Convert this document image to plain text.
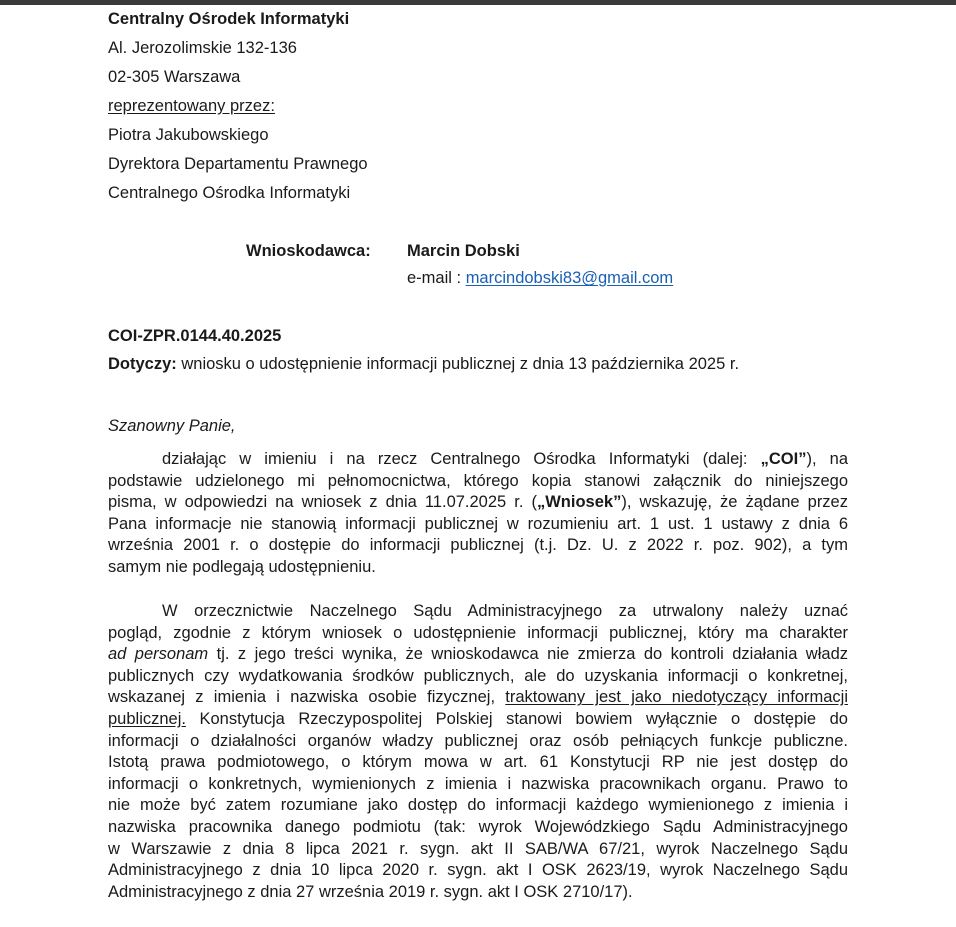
Centralny Ośrodek Informatyki
Al. Jerozolimskie 132-136
02-305 Warszawa
reprezentowany przez:
Piotra Jakubowskiego
Dyrektora Departamentu Prawnego
Centralnego Ośrodka Informatyki
Wnioskodawca: Marcin Dobski
e-mail : marcindobski83@gmail.com
COI-ZPR.0144.40.2025
Dotyczy: wniosku o udostępnienie informacji publicznej z dnia 13 października 2025 r.
Szanowny Panie,
działając w imieniu i na rzecz Centralnego Ośrodka Informatyki (dalej: „COI”), na
podstawie udzielonego mi pełnomocnictwa, którego kopia stanowi załącznik do niniejszego
pisma, w odpowiedzi na wniosek z dnia 11.07.2025 r. („Wniosek”), wskazuję, że żądane przez
Pana informacje nie stanowią informacji publicznej w rozumieniu art. 1 ust. 1 ustawy z dnia 6
września 2001 r. o dostępie do informacji publicznej (t.j. Dz. U. z 2022 r. poz. 902), a tym
samym nie podlegają udostępnieniu.
W orzecznictwie Naczelnego Sądu Administracyjnego za utrwalony należy uznać
pogląd, zgodnie z którym wniosek o udostępnienie informacji publicznej, który ma charakter
ad personam tj. z jego treści wynika, że wnioskodawca nie zmierza do kontroli działania władz
publicznych czy wydatkowania środków publicznych, ale do uzyskania informacji o konkretnej,
wskazanej z imienia i nazwiska osobie fizycznej, traktowany jest jako niedotyczący informacji
publicznej. Konstytucja Rzeczypospolitej Polskiej stanowi bowiem wyłącznie o dostępie do
informacji o działalności organów władzy publicznej oraz osób pełniących funkcje publiczne.
Istotą prawa podmiotowego, o którym mowa w art. 61 Konstytucji RP nie jest dostęp do
informacji o konkretnych, wymienionych z imienia i nazwiska pracownikach organu. Prawo to
nie może być zatem rozumiane jako dostęp do informacji każdego wymienionego z imienia i
nazwiska pracownika danego podmiotu (tak: wyrok Wojewódzkiego Sądu Administracyjnego
w Warszawie z dnia 8 lipca 2021 r. sygn. akt II SAB/WA 67/21, wyrok Naczelnego Sądu
Administracyjnego z dnia 10 lipca 2020 r. sygn. akt I OSK 2623/19, wyrok Naczelnego Sądu
Administracyjnego z dnia 27 września 2019 r. sygn. akt I OSK 2710/17).
